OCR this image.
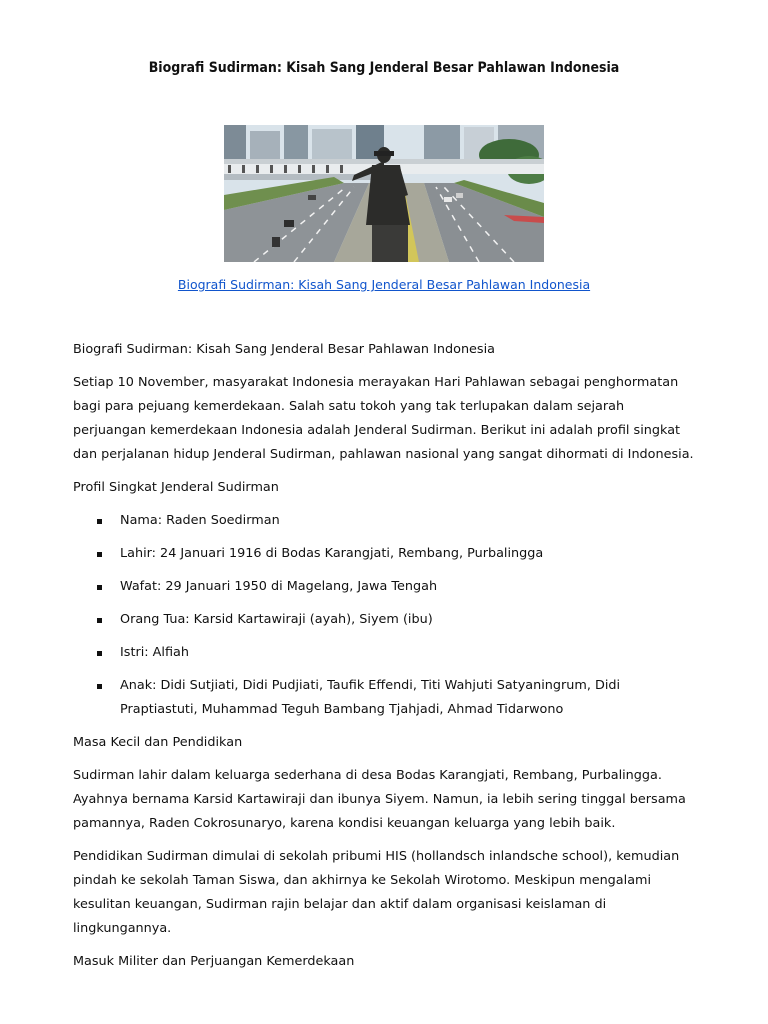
Biografi Sudirman: Kisah Sang Jenderal Besar Pahlawan Indonesia
Biografi Sudirman: Kisah Sang Jenderal Besar Pahlawan Indonesia

Biografi Sudirman: Kisah Sang Jenderal Besar Pahlawan Indonesia

Setiap 10 November, masyarakat Indonesia merayakan Hari Pahlawan sebagai penghormatan bagi para pejuang kemerdekaan. Salah satu tokoh yang tak terlupakan dalam sejarah perjuangan kemerdekaan Indonesia adalah Jenderal Sudirman. Berikut ini adalah profil singkat dan perjalanan hidup Jenderal Sudirman, pahlawan nasional yang sangat dihormati di Indonesia.

Profil Singkat Jenderal Sudirman

Nama: Raden Soedirman
Lahir: 24 Januari 1916 di Bodas Karangjati, Rembang, Purbalingga
Wafat: 29 Januari 1950 di Magelang, Jawa Tengah
Orang Tua: Karsid Kartawiraji (ayah), Siyem (ibu)
Istri: Alfiah
Anak: Didi Sutjiati, Didi Pudjiati, Taufik Effendi, Titi Wahjuti Satyaningrum, Didi Praptiastuti, Muhammad Teguh Bambang Tjahjadi, Ahmad Tidarwono

Masa Kecil dan Pendidikan

Sudirman lahir dalam keluarga sederhana di desa Bodas Karangjati, Rembang, Purbalingga. Ayahnya bernama Karsid Kartawiraji dan ibunya Siyem. Namun, ia lebih sering tinggal bersama pamannya, Raden Cokrosunaryo, karena kondisi keuangan keluarga yang lebih baik.

Pendidikan Sudirman dimulai di sekolah pribumi HIS (hollandsch inlandsche school), kemudian pindah ke sekolah Taman Siswa, dan akhirnya ke Sekolah Wirotomo. Meskipun mengalami kesulitan keuangan, Sudirman rajin belajar dan aktif dalam organisasi keislaman di lingkungannya.

Masuk Militer dan Perjuangan Kemerdekaan
